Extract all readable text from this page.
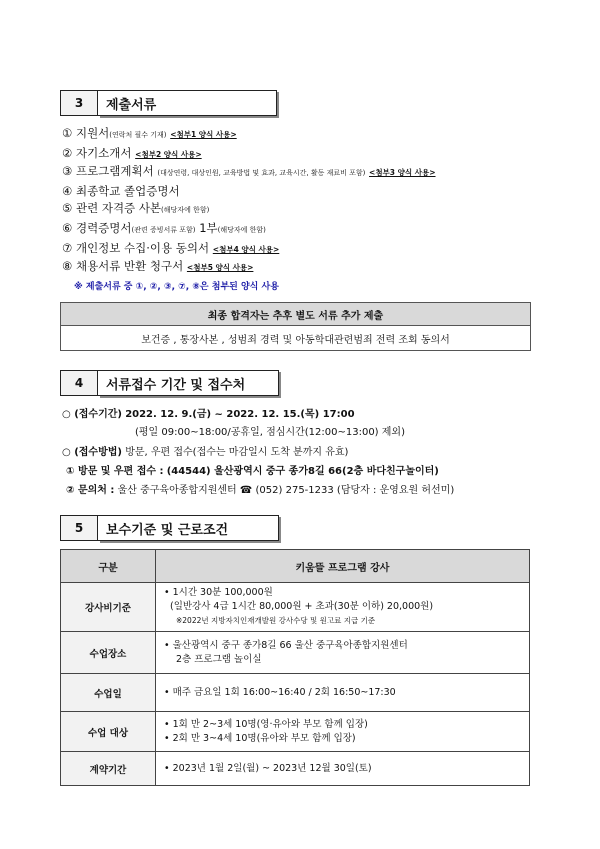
3	제출서류
① 지원서(연락처 필수 기재) <첨부1 양식 사용>
② 자기소개서 <첨부2 양식 사용>
③ 프로그램계획서 (대상연령, 대상인원, 교육방법 및 효과, 교육시간, 활동 재료비 포함) <첨부3 양식 사용>
④ 최종학교 졸업증명서
⑤ 관련 자격증 사본(해당자에 한함)
⑥ 경력증명서(관련 증빙서류 포함) 1부(해당자에 한함)
⑦ 개인정보 수집·이용 동의서 <첨부4 양식 사용>
⑧ 채용서류 반환 청구서 <첨부5 양식 사용>
※ 제출서류 중 ①, ②, ③, ⑦, ⑧은 첨부된 양식 사용
최종 합격자는 추후 별도 서류 추가 제출
보건증 , 통장사본 , 성범죄 경력 및 아동학대관련범죄 전력 조회 동의서
4	서류접수 기간 및 접수처
○ (접수기간) 2022. 12. 9.(금) ~ 2022. 12. 15.(목) 17:00
(평일 09:00~18:00/공휴일, 점심시간(12:00~13:00) 제외)
○ (접수방법) 방문, 우편 접수(접수는 마감일시 도착 분까지 유효)
① 방문 및 우편 접수 : (44544) 울산광역시 중구 종가8길 66(2층 바다친구놀이터)
② 문의처 : 울산 중구육아종합지원센터 ☎ (052) 275-1233 (담당자 : 운영요원 허선미)
5	보수기준 및 근로조건
구분	키움뜰 프로그램 강사
강사비기준	• 1시간 30분 100,000원
(일반강사 4급 1시간 80,000원 + 초과(30분 이하) 20,000원)
※2022년 지방자치인재개발원 강사수당 및 원고료 지급 기준

수업장소	• 울산광역시 중구 종가8길 66 울산 중구육아종합지원센터
2층 프로그램 놀이실

수업일	• 매주 금요일 1회 16:00~16:40 / 2회 16:50~17:30

수업 대상	• 1회 만 2~3세 10명(영·유아와 부모 함께 입장)
• 2회 만 3~4세 10명(유아와 부모 함께 입장)

계약기간	• 2023년 1월 2일(월) ~ 2023년 12월 30일(토)
